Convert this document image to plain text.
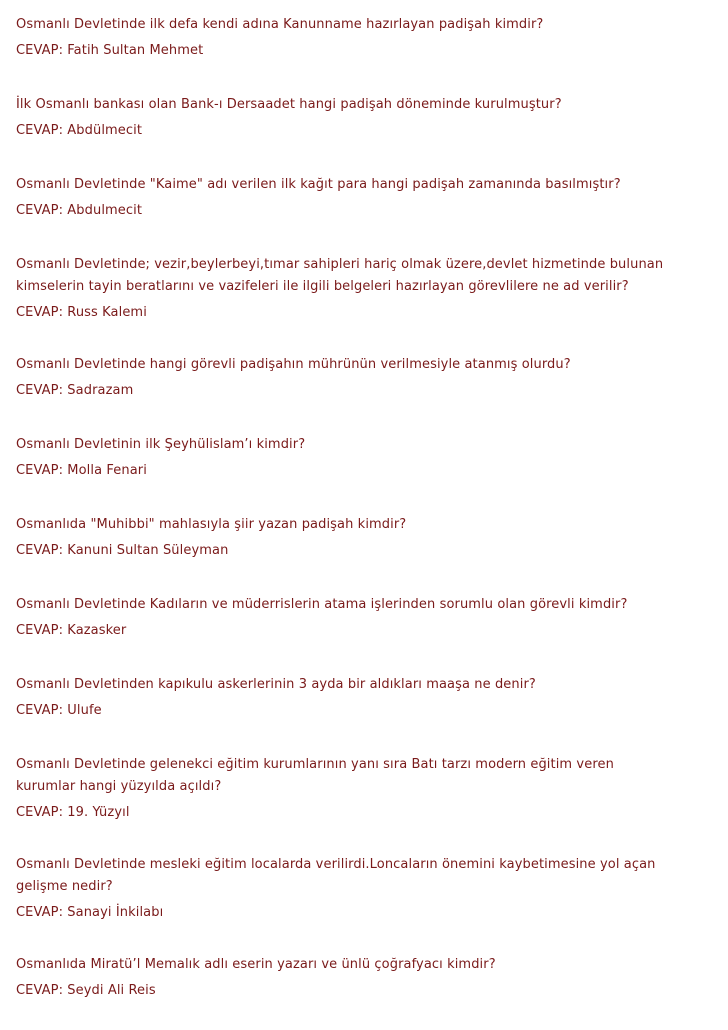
Osmanlı Devletinde ilk defa kendi adına Kanunname hazırlayan padişah kimdir?
CEVAP: Fatih Sultan Mehmet
İlk Osmanlı bankası olan Bank-ı Dersaadet hangi padişah döneminde kurulmuştur?
CEVAP: Abdülmecit
Osmanlı Devletinde "Kaime" adı verilen ilk kağıt para hangi padişah zamanında basılmıştır?
CEVAP: Abdulmecit
Osmanlı Devletinde; vezir,beylerbeyi,tımar sahipleri hariç olmak üzere,devlet hizmetinde bulunan
kimselerin tayin beratlarını ve vazifeleri ile ilgili belgeleri hazırlayan görevlilere ne ad verilir?
CEVAP: Russ Kalemi
Osmanlı Devletinde hangi görevli padişahın mührünün verilmesiyle atanmış olurdu?
CEVAP: Sadrazam
Osmanlı Devletinin ilk Şeyhülislam’ı kimdir?
CEVAP: Molla Fenari
Osmanlıda "Muhibbi" mahlasıyla şiir yazan padişah kimdir?
CEVAP: Kanuni Sultan Süleyman
Osmanlı Devletinde Kadıların ve müderrislerin atama işlerinden sorumlu olan görevli kimdir?
CEVAP: Kazasker
Osmanlı Devletinden kapıkulu askerlerinin 3 ayda bir aldıkları maaşa ne denir?
CEVAP: Ulufe
Osmanlı Devletinde gelenekci eğitim kurumlarının yanı sıra Batı tarzı modern eğitim veren
kurumlar hangi yüzyılda açıldı?
CEVAP: 19. Yüzyıl
Osmanlı Devletinde mesleki eğitim localarda verilirdi.Loncaların önemini kaybetimesine yol açan
gelişme nedir?
CEVAP: Sanayi İnkilabı
Osmanlıda Miratü’l Memalık adlı eserin yazarı ve ünlü çoğrafyacı kimdir?
CEVAP: Seydi Ali Reis
